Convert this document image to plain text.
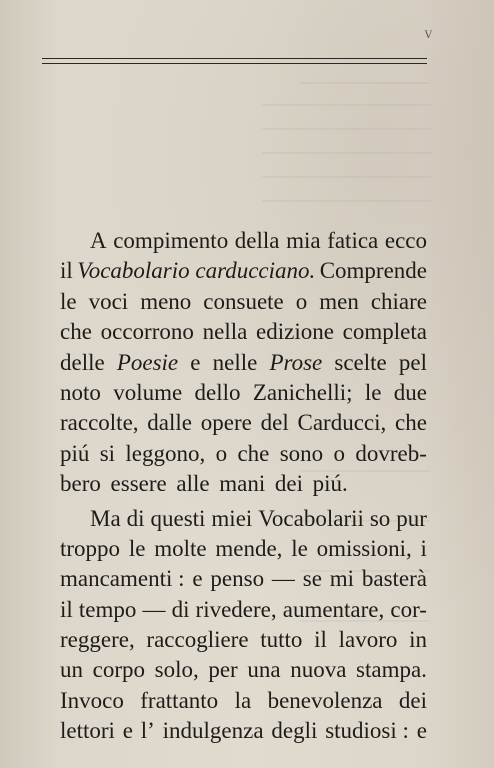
V
A compimento della mia fatica ecco
il Vocabolario carducciano. Comprende
le voci meno consuete o men chiare
che occorrono nella edizione completa
delle Poesie e nelle Prose scelte pel
noto volume dello Zanichelli; le due
raccolte, dalle opere del Carducci, che
piú si leggono, o che sono o dovreb-
bero essere alle mani dei piú.
Ma di questi miei Vocabolarii so pur
troppo le molte mende, le omissioni, i
mancamenti : e penso — se mi basterà
il tempo — di rivedere, aumentare, cor-
reggere, raccogliere tutto il lavoro in
un corpo solo, per una nuova stampa.
Invoco frattanto la benevolenza dei
lettori e l’ indulgenza degli studiosi : e
